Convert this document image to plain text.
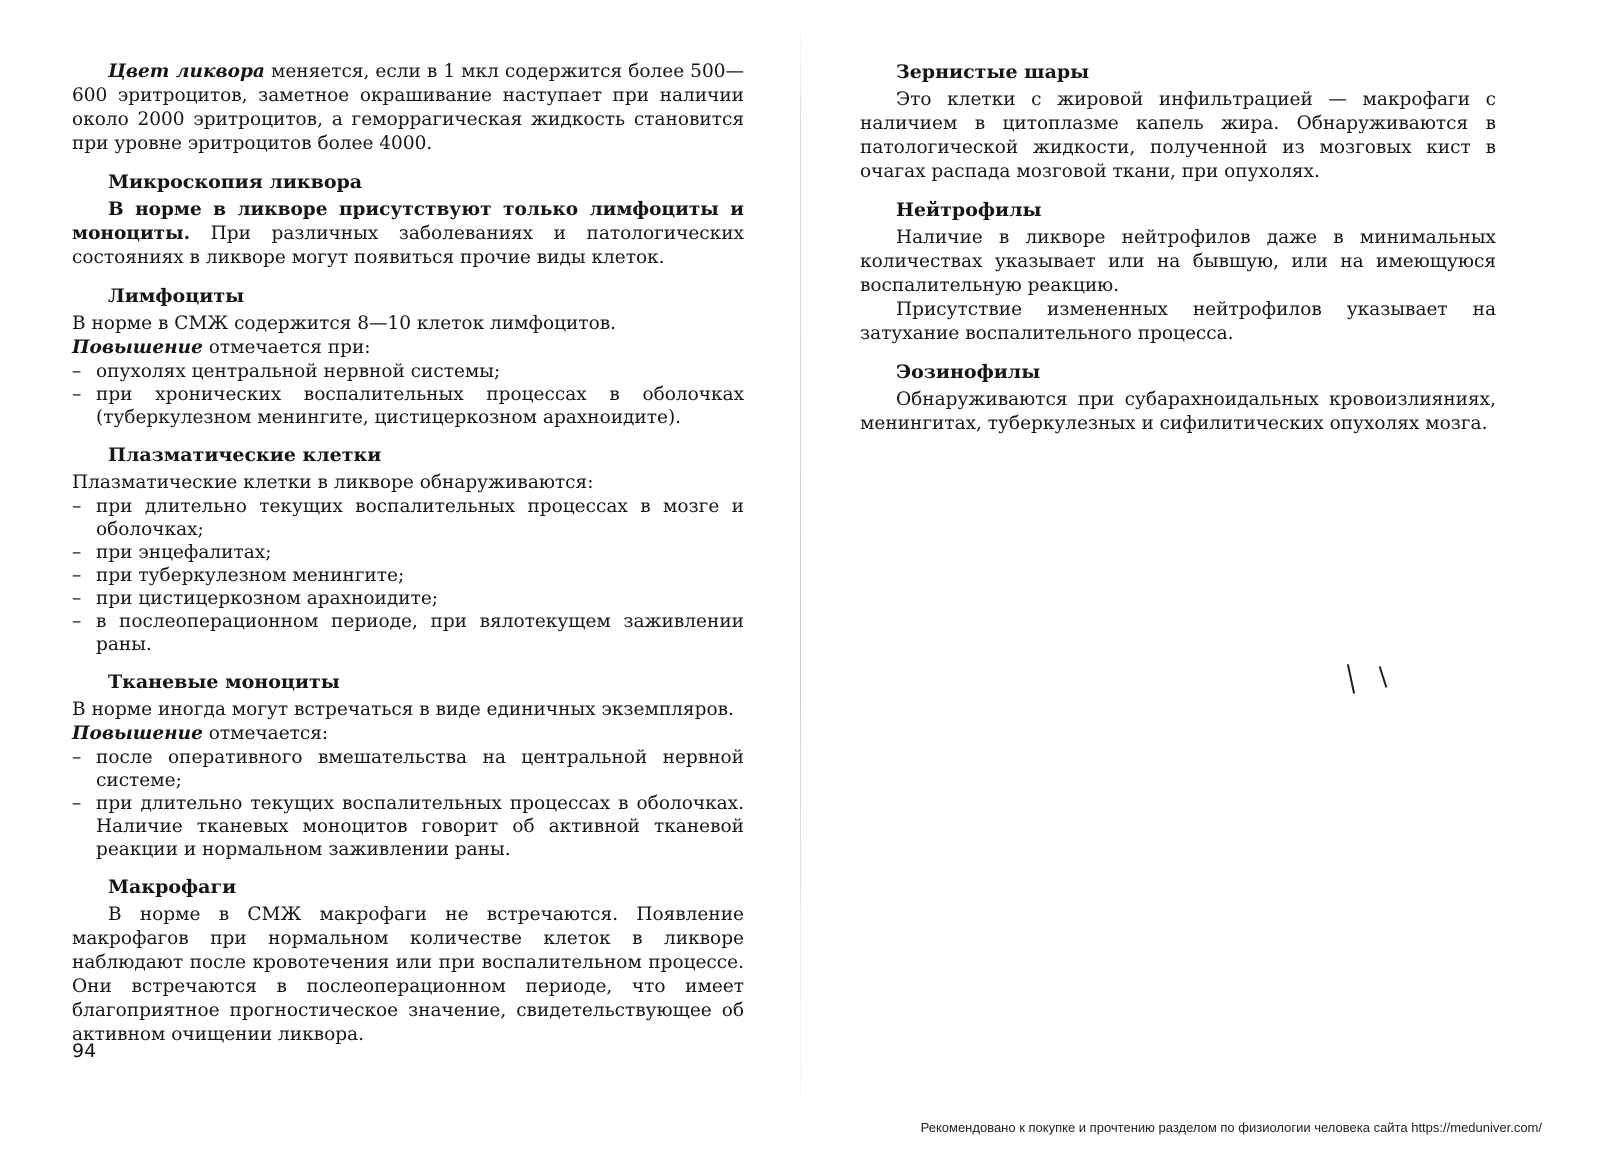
Цвет ликвора меняется, если в 1 мкл содержится более 500—600 эритроцитов, заметное окрашивание наступает при наличии около 2000 эритроцитов, а геморрагическая жидкость становится при уровне эритроцитов более 4000.

Микроскопия ликвора

В норме в ликворе присутствуют только лимфоциты и моноциты. При различных заболеваниях и патологических состояниях в ликворе могут появиться прочие виды клеток.

Лимфоциты

В норме в СМЖ содержится 8—10 клеток лимфоцитов.

Повышение отмечается при:

– опухолях центральной нервной системы;
– при хронических воспалительных процессах в оболочках (туберкулезном менингите, цистицеркозном арахноидите).
Плазматические клетки

Плазматические клетки в ликворе обнаруживаются:

– при длительно текущих воспалительных процессах в мозге и оболочках;
– при энцефалитах;
– при туберкулезном менингите;
– при цистицеркозном арахноидите;
– в послеоперационном периоде, при вялотекущем заживлении раны.
Тканевые моноциты

В норме иногда могут встречаться в виде единичных экземпляров.

Повышение отмечается:

– после оперативного вмешательства на центральной нервной системе;
– при длительно текущих воспалительных процессах в оболочках. Наличие тканевых моноцитов говорит об активной тканевой реакции и нормальном заживлении раны.
Макрофаги

В норме в СМЖ макрофаги не встречаются. Появление макрофагов при нормальном количестве клеток в ликворе наблюдают после кровотечения или при воспалительном процессе. Они встречаются в послеоперационном периоде, что имеет благоприятное прогностическое значение, свидетельствующее об активном очищении ликвора.

94
Зернистые шары

Это клетки с жировой инфильтрацией — макрофаги с наличием в цитоплазме капель жира. Обнаруживаются в патологической жидкости, полученной из мозговых кист в очагах распада мозговой ткани, при опухолях.

Нейтрофилы

Наличие в ликворе нейтрофилов даже в минимальных количествах указывает или на бывшую, или на имеющуюся воспалительную реакцию.

Присутствие измененных нейтрофилов указывает на затухание воспалительного процесса.

Эозинофилы

Обнаруживаются при субарахноидальных кровоизлияниях, менингитах, туберкулезных и сифилитических опухолях мозга.

Рекомендовано к покупке и прочтению разделом по физиологии человека сайта https://meduniver.com/
